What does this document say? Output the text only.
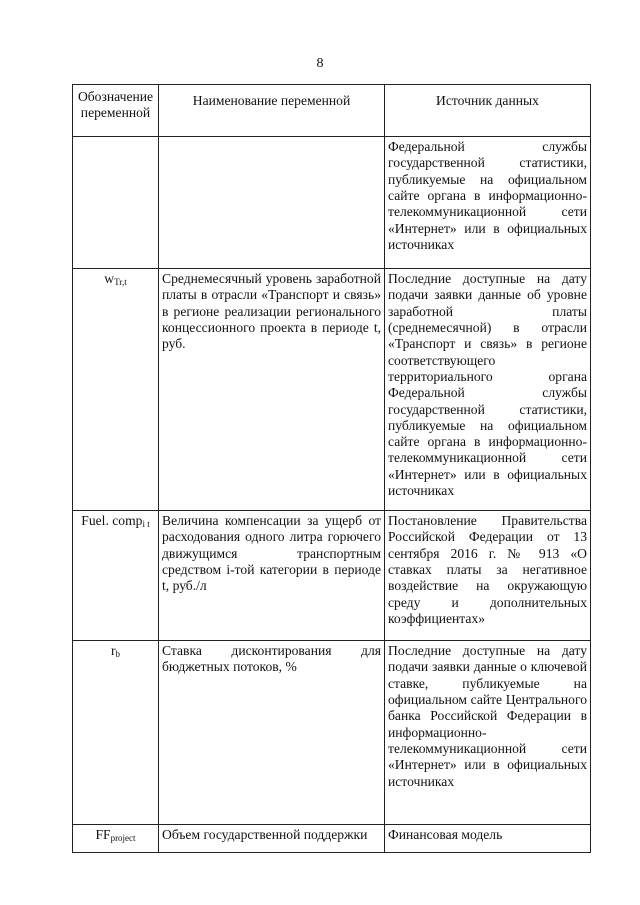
8
Обозначение переменной	Наименование переменной	Источник данных
		Федеральной службы государственной статистики, публикуемые на официальном сайте органа в информационно-телекоммуникационной сети «Интернет» или в официальных источниках
$w_{Tr,t}$	Среднемесячный уровень заработной платы в отрасли «Транспорт и связь» в регионе реализации регионального концессионного проекта в периоде t, руб.	Последние доступные на дату подачи заявки данные об уровне заработной платы (среднемесячной) в отрасли «Транспорт и связь» в регионе соответствующего территориального органа Федеральной службы государственной статистики, публикуемые на официальном сайте органа в информационно-телекоммуникационной сети «Интернет» или в официальных источниках
Fuel. comp$_{i t}$	Величина компенсации за ущерб от расходования одного литра горючего движущимся транспортным средством i-той категории в периоде t, руб./л	Постановление Правительства Российской Федерации от 13 сентября 2016 г. № 913 «О ставках платы за негативное воздействие на окружающую среду и дополнительных коэффициентах»
$r_b$	Ставка дисконтирования для бюджетных потоков, %	Последние доступные на дату подачи заявки данные о ключевой ставке, публикуемые на официальном сайте Центрального банка Российской Федерации в информационно-телекоммуникационной сети «Интернет» или в официальных источниках
$FF_{project}$	Объем государственной поддержки	Финансовая модель
